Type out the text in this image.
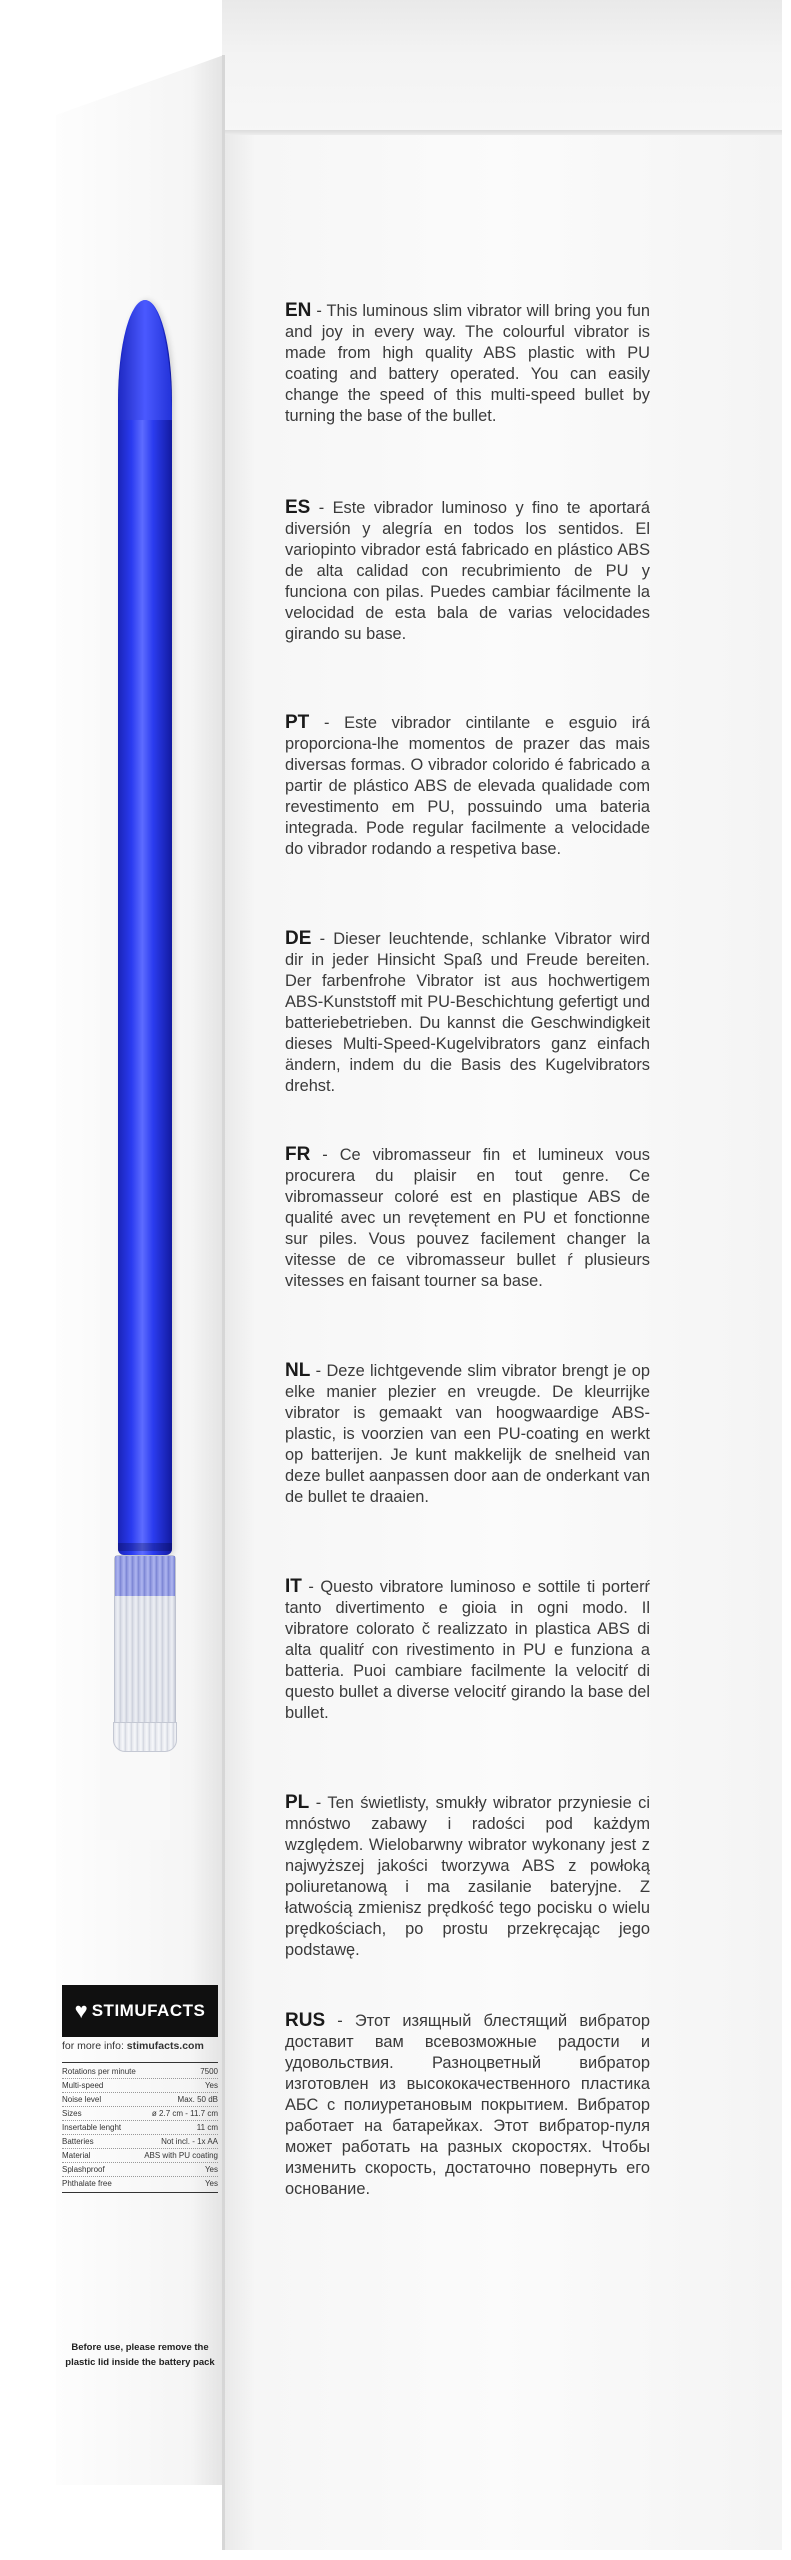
♥ STIMUFACTS
for more info: stimufacts.com
Rotations per minute	7500
Multi-speed	Yes
Noise level	Max. 50 dB
Sizes	ø 2.7 cm - 11.7 cm
Insertable lenght	11 cm
Batteries	Not incl. - 1x AA
Material	ABS with PU coating
Splashproof	Yes
Phthalate free	Yes
Before use, please remove the plastic lid inside the battery pack
EN - This luminous slim vibrator will bring you fun and joy in every way. The colourful vibrator is made from high quality ABS plastic with PU coating and battery operated. You can easily change the speed of this multi-speed bullet by turning the base of the bullet.
ES - Este vibrador luminoso y fino te aportará diversión y alegría en todos los sentidos. El variopinto vibrador está fabricado en plástico ABS de alta calidad con recubrimiento de PU y funciona con pilas. Puedes cambiar fácilmente la velocidad de esta bala de varias velocidades girando su base.
PT - Este vibrador cintilante e esguio irá proporciona-lhe momentos de prazer das mais diversas formas. O vibrador colorido é fabricado a partir de plástico ABS de elevada qualidade com revestimento em PU, possuindo uma bateria integrada. Pode regular facilmente a velocidade do vibrador rodando a respetiva base.
DE - Dieser leuchtende, schlanke Vibrator wird dir in jeder Hinsicht Spaß und Freude bereiten. Der farbenfrohe Vibrator ist aus hochwertigem ABS-Kunststoff mit PU-Beschichtung gefertigt und batteriebetrieben. Du kannst die Geschwindigkeit dieses Multi-Speed-Kugelvibrators ganz einfach ändern, indem du die Basis des Kugelvibrators drehst.
FR - Ce vibromasseur fin et lumineux vous procurera du plaisir en tout genre. Ce vibromasseur coloré est en plastique ABS de qualité avec un revętement en PU et fonctionne sur piles. Vous pouvez facilement changer la vitesse de ce vibromasseur bullet ŕ plusieurs vitesses en faisant tourner sa base.
NL - Deze lichtgevende slim vibrator brengt je op elke manier plezier en vreugde. De kleurrijke vibrator is gemaakt van hoogwaardige ABS-plastic, is voorzien van een PU-coating en werkt op batterijen. Je kunt makkelijk de snelheid van deze bullet aanpassen door aan de onderkant van de bullet te draaien.
IT - Questo vibratore luminoso e sottile ti porterŕ tanto divertimento e gioia in ogni modo. Il vibratore colorato č realizzato in plastica ABS di alta qualitŕ con rivestimento in PU e funziona a batteria. Puoi cambiare facilmente la velocitŕ di questo bullet a diverse velocitŕ girando la base del bullet.
PL - Ten świetlisty, smukły wibrator przyniesie ci mnóstwo zabawy i radości pod każdym względem. Wielobarwny wibrator wykonany jest z najwyższej jakości tworzywa ABS z powłoką poliuretanową i ma zasilanie bateryjne. Z łatwością zmienisz prędkość tego pocisku o wielu prędkościach, po prostu przekręcając jego podstawę.
RUS - Этот изящный блестящий вибратор доставит вам всевозможные радости и удовольствия. Разноцветный вибратор изготовлен из высококачественного пластика АБС с полиуретановым покрытием. Вибратор работает на батарейках. Этот вибратор-пуля может работать на разных скоростях. Чтобы изменить скорость, достаточно повернуть его основание.
